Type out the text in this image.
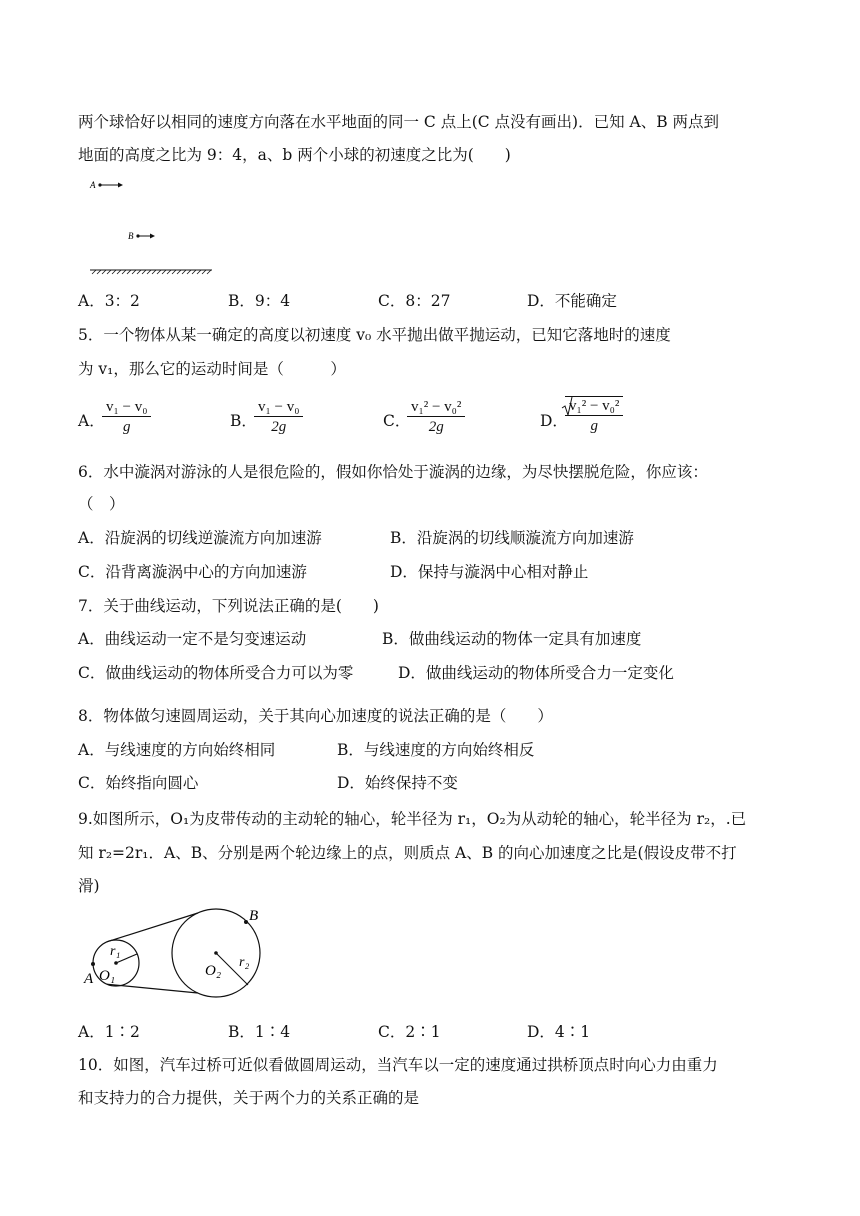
两个球恰好以相同的速度方向落在水平地面的同一 C 点上(C 点没有画出)．已知 A、B 两点到
地面的高度之比为 9：4，a、b 两个小球的初速度之比为(　　)
A
B
A．3：2	B．9：4	C．8：27	D．不能确定
5．一个物体从某一确定的高度以初速度 v₀ 水平抛出做平抛运动，已知它落地时的速度
为 v₁，那么它的运动时间是（　　　）
A．
$\frac{\text{v₁ − v₀}}{g}$	B．
$\frac{\text{v₁ − v₀}}{2g}$	C．
$\frac{\text{v₁² − v₀²}}{2g}$	D．
$\frac{\text{v₁² − v₀²}}{g}$
6．水中漩涡对游泳的人是很危险的，假如你恰处于漩涡的边缘，为尽快摆脱危险，你应该：
（　）
A．沿旋涡的切线逆漩流方向加速游	B．沿旋涡的切线顺漩流方向加速游
C．沿背离漩涡中心的方向加速游	D．保持与漩涡中心相对静止
7．关于曲线运动，下列说法正确的是(　　)
A．曲线运动一定不是匀变速运动	B．做曲线运动的物体一定具有加速度
C．做曲线运动的物体所受合力可以为零	D．做曲线运动的物体所受合力一定变化
8．物体做匀速圆周运动，关于其向心加速度的说法正确的是（　　）
A．与线速度的方向始终相同	B．与线速度的方向始终相反
C．始终指向圆心	D．始终保持不变
9.如图所示，O₁为皮带传动的主动轮的轴心，轮半径为 r₁，O₂为从动轮的轴心，轮半径为 r₂，.已
知 r₂=2r₁．A、B、分别是两个轮边缘上的点，则质点 A、B 的向心加速度之比是(假设皮带不打
滑)
r₁
O₁
A	O₂
r₂
B
A．1∶2	B．1∶4	C．2∶1	D．4∶1
10．如图，汽车过桥可近似看做圆周运动，当汽车以一定的速度通过拱桥顶点时向心力由重力
和支持力的合力提供，关于两个力的关系正确的是
